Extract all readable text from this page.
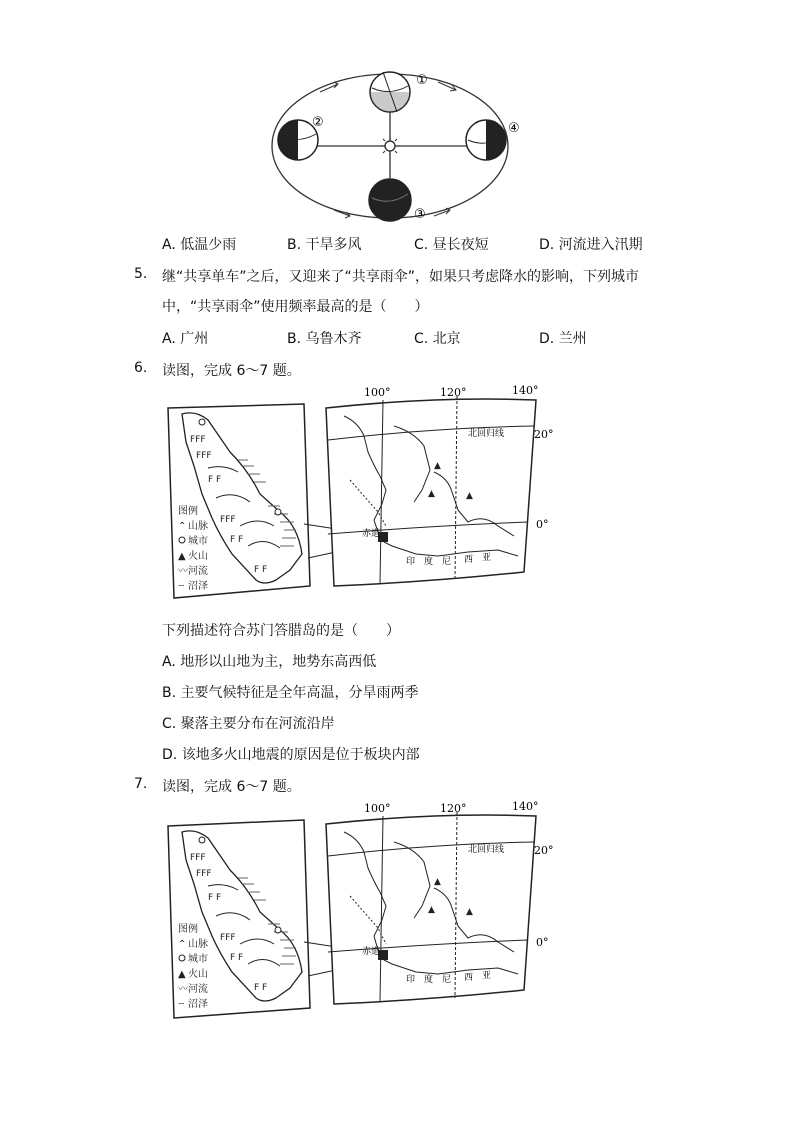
①
②
③
④
A. 低温少雨	B. 干旱多风	C. 昼长夜短	D. 河流进入汛期
5. 继“共享单车”之后，又迎来了“共享雨伞”，如果只考虑降水的影响，下列城市
中，“共享雨伞”使用频率最高的是（　　）
A. 广州	B. 乌鲁木齐	C. 北京	D. 兰州
6. 读图，完成 6～7 题。
FFF
FFF
F F
FFF
F F
F F
图例
⌃ 山脉
城市
▲ 火山
〰 河流
┈ 沼泽
▲
▲	▲
100°	120°	140°
20°
0°
北回归线
赤道
印 度 尼 西 亚
下列描述符合苏门答腊岛的是（　　）
A. 地形以山地为主，地势东高西低
B. 主要气候特征是全年高温，分旱雨两季
C. 聚落主要分布在河流沿岸
D. 该地多火山地震的原因是位于板块内部
7. 读图，完成 6～7 题。
FFF
FFF
F F
FFF
F F
F F
图例
⌃ 山脉
城市
▲ 火山
〰 河流
┈ 沼泽
▲
▲	▲
100°	120°	140°
20°
0°
北回归线
赤道
印 度 尼 西 亚
